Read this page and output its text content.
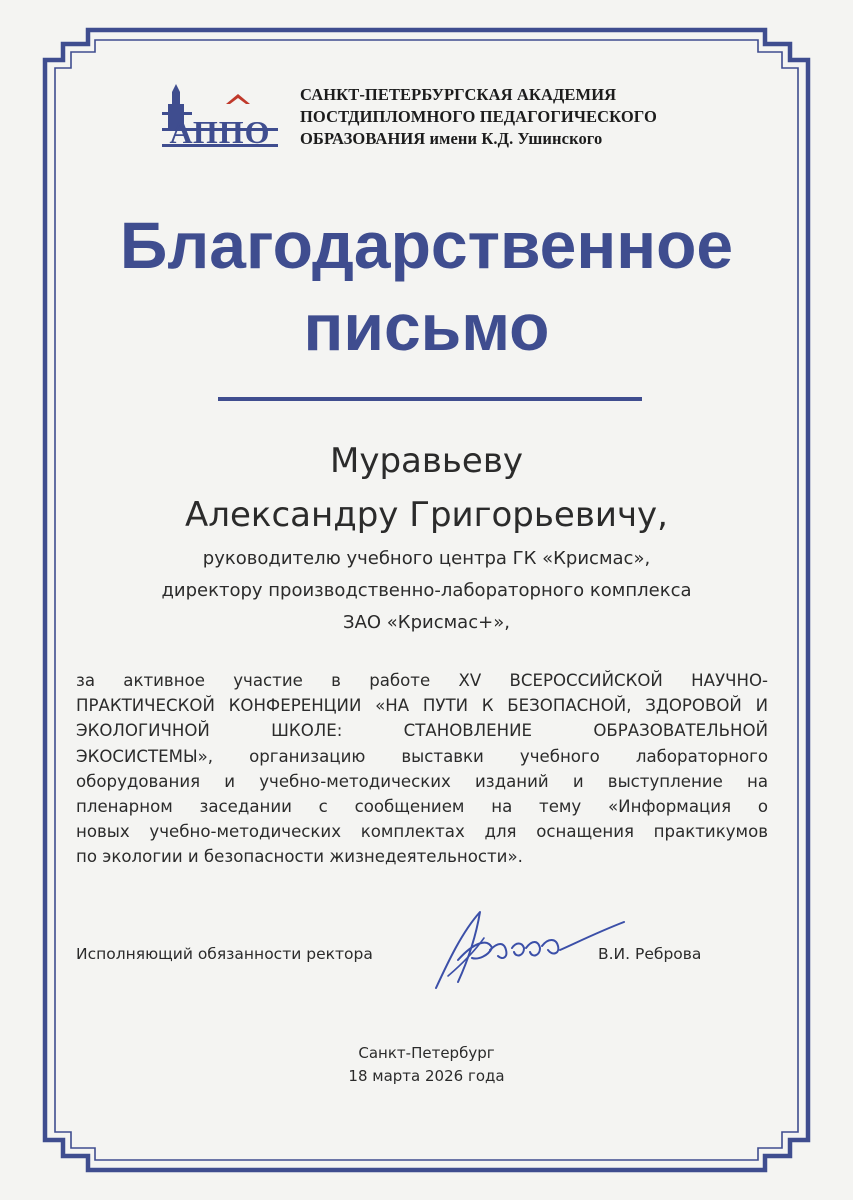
АППО
САНКТ-ПЕТЕРБУРГСКАЯ АКАДЕМИЯ
ПОСТДИПЛОМНОГО ПЕДАГОГИЧЕСКОГО
ОБРАЗОВАНИЯ имени К.Д. Ушинского
Благодарственное
письмо
Муравьеву
Александру Григорьевичу,
руководителю учебного центра ГК «Крисмас»,
директору производственно-лабораторного комплекса
ЗАО «Крисмас+»,
за активное участие в работе XV ВСЕРОССИЙСКОЙ НАУЧНО-
ПРАКТИЧЕСКОЙ КОНФЕРЕНЦИИ «НА ПУТИ К БЕЗОПАСНОЙ, ЗДОРОВОЙ И
ЭКОЛОГИЧНОЙ ШКОЛЕ: СТАНОВЛЕНИЕ ОБРАЗОВАТЕЛЬНОЙ
ЭКОСИСТЕМЫ», организацию выставки учебного лабораторного
оборудования и учебно-методических изданий и выступление на
пленарном заседании с сообщением на тему «Информация о
новых учебно-методических комплектах для оснащения практикумов
по экологии и безопасности жизнедеятельности».
Исполняющий обязанности ректора	В.И. Реброва
Санкт-Петербург
18 марта 2026 года
